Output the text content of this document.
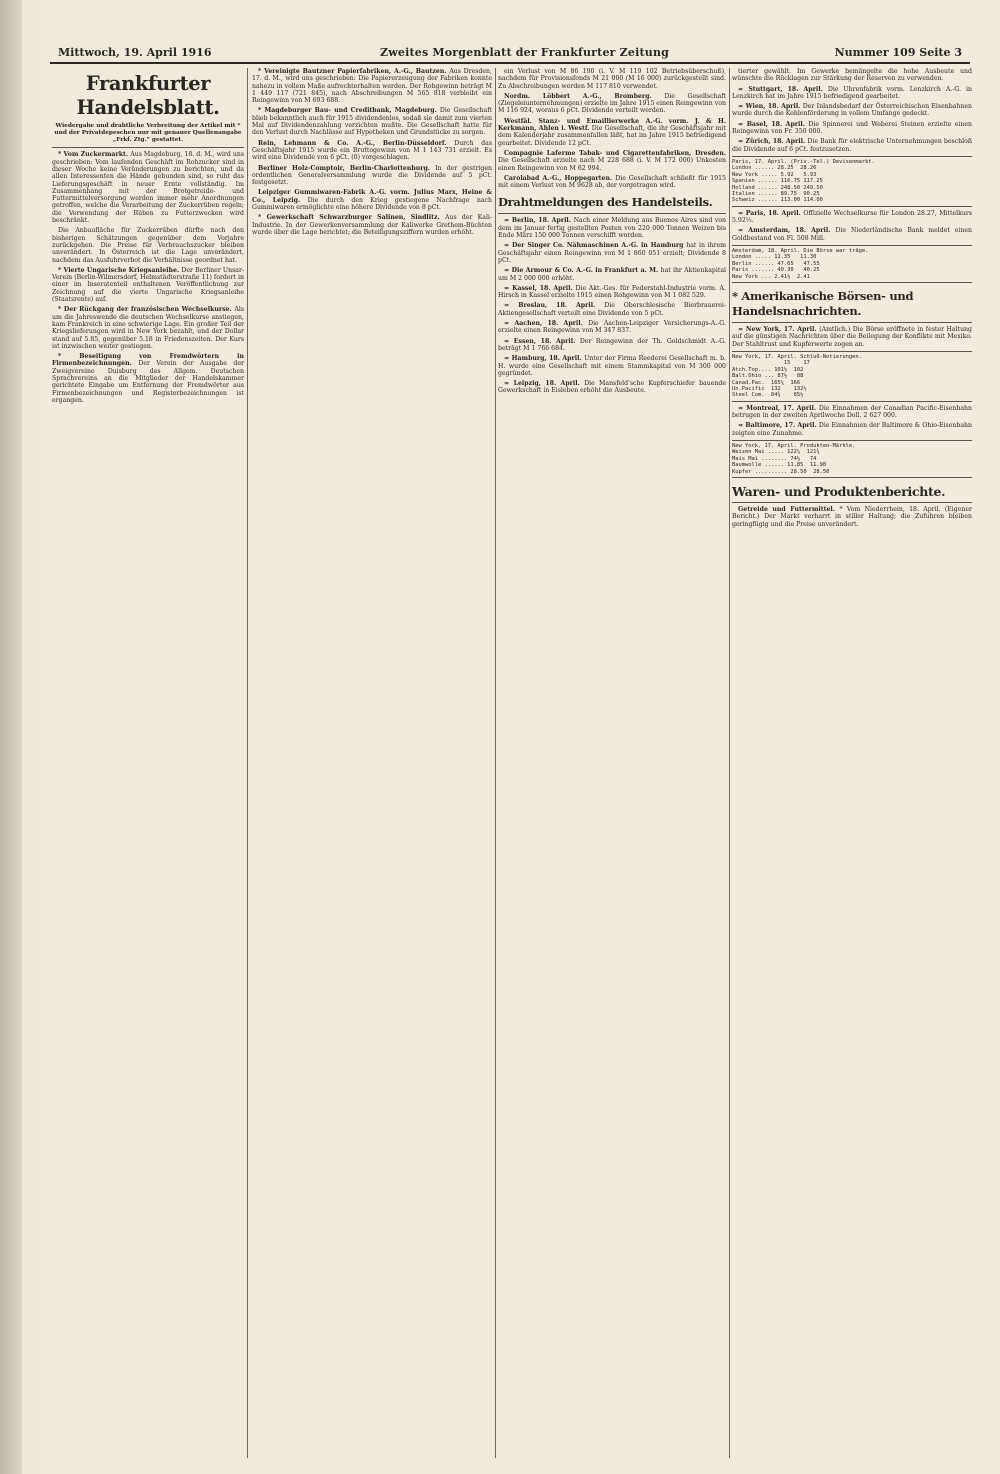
Mittwoch, 19. April 1916	Zweites Morgenblatt der Frankfurter Zeitung	Nummer 109 Seite 3
Frankfurter Handelsblatt.
Wiedergabe und drahtliche Verbreitung der Artikel mit * und der Privatdepeschen nur mit genauer Quellenangabe „Frkf. Ztg.“ gestattet.

* Vom Zuckermarkt. Aus Magdeburg, 18. d. M., wird uns geschrieben: Vom laufenden Geschäft im Rohzucker sind in dieser Woche keine Veränderungen zu berichten, und da allen Interessenten die Hände gebunden sind, so ruht das Lieferungsgeschäft in neuer Ernte vollständig. Im Zusammenhang mit der Brotgetreide- und Futtermittelversorgung werden immer mehr Anordnungen getroffen, welche die Verarbeitung der Zuckerrüben regeln; die Verwendung der Rüben zu Futterzwecken wird beschränkt.

Die Anbaufläche für Zuckerrüben dürfte nach den bisherigen Schätzungen gegenüber dem Vorjahre zurückgehen. Die Preise für Verbrauchszucker bleiben unverändert. In Österreich ist die Lage unverändert, nachdem das Ausfuhrverbot die Verhältnisse geordnet hat.

* Vierte Ungarische Kriegsanleihe. Der Berliner Unsar-Verein (Berlin-Wilmersdorf, Helmstädterstraße 11) fordert in einer im Inseratenteil enthaltenen Veröffentlichung zur Zeichnung auf die vierte Ungarische Kriegsanleihe (Staatsrente) auf.

* Der Rückgang der französischen Wechselkurse. Als um die Jahreswende die deutschen Wechselkurse anstiegen, kam Frankreich in eine schwierige Lage. Ein großer Teil der Kriegslieferungen wird in New York bezahlt, und der Dollar stand auf 5.85, gegenüber 5.18 in Friedenszeiten. Der Kurs ist inzwischen weiter gestiegen.

* Beseitigung von Fremdwörtern in Firmenbezeichnungen. Der Verein der Ausgabe der Zweigvereine Duisburg des Allgem. Deutschen Sprachvereins an die Mitglieder der Handelskammer gerichtete Eingabe um Entfernung der Fremdwörter aus Firmenbezeichnungen und Registerbezeichnungen ist ergangen.

* Vereinigte Bautzner Papierfabriken, A.-G., Bautzen. Aus Dresden, 17. d. M., wird uns geschrieben: Die Papiererzeugung der Fabriken konnte nahezu in vollem Maße aufrechterhalten werden. Der Rohgewinn beträgt M 1 449 117 (721 845), nach Abschreibungen M 565 818 verbleibt ein Reingewinn von M 693 688.

* Magdeburger Bau- und Creditbank, Magdeburg. Die Gesellschaft blieb bekanntlich auch für 1915 dividendenlos, sodaß sie damit zum vierten Mal auf Dividendenzahlung verzichten mußte. Die Gesellschaft hatte für den Verlust durch Nachlässe auf Hypotheken und Grundstücke zu sorgen.

Rein, Lehmann & Co. A.-G., Berlin-Düsseldorf. Durch das Geschäftsjahr 1915 wurde ein Bruttogewinn von M 1 143 731 erzielt. Es wird eine Dividende von 6 pCt. (0) vorgeschlagen.

Berliner Holz-Comptoir, Berlin-Charlottenburg. In der gestrigen ordentlichen Generalversammlung wurde die Dividende auf 5 pCt. festgesetzt.

Leipziger Gummiwaren-Fabrik A.-G. vorm. Julius Marx, Heine & Co., Leipzig. Die durch den Krieg gestiegene Nachfrage nach Gummiwaren ermöglichte eine höhere Dividende von 8 pCt.

* Gewerkschaft Schwarzburger Salinen, Sindlitz. Aus der Kali-Industrie. In der Gewerkenversammlung der Kaliwerke Grethem-Büchten wurde über die Lage berichtet; die Beteiligungsziffern wurden erhöht.

ein Verlust von M 86 190 (i. V. M 119 102 Betriebsüberschuß), nachdem für Provisionsfonds M 21 000 (M 16 000) zurückgestellt sind. Zu Abschreibungen werden M 117 810 verwendet.

Nordm. Löbbert A.-G., Bromberg. Die Gesellschaft (Ziegeleiunternehmungen) erzielte im Jahre 1915 einen Reingewinn von M 116 924, woraus 6 pCt. Dividende verteilt werden.

Westfäl. Stanz- und Emaillierwerke A.-G. vorm. J. & H. Kerkmann, Ahlen i. Westf. Die Gesellschaft, die ihr Geschäftsjahr mit dem Kalenderjahr zusammenfallen läßt, hat im Jahre 1915 befriedigend gearbeitet. Dividende 12 pCt.

Compagnie Laferme Tabak- und Cigarettenfabriken, Dresden. Die Gesellschaft erzielte nach M 228 688 (i. V. M 172 000) Unkosten einen Reingewinn von M 62 994.

Carolabad A.-G., Hoppegarten. Die Gesellschaft schließt für 1915 mit einem Verlust von M 9628 ab, der vorgetragen wird.

Drahtmeldungen des Handelsteils.

= Berlin, 18. April. Nach einer Meldung aus Buenos Aires sind von dem im Januar fertig gestellten Posten von 220 000 Tonnen Weizen bis Ende März 150 000 Tonnen verschifft worden.

= Der Singer Co. Nähmaschinen A.-G. in Hamburg hat in ihrem Geschäftsjahr einen Reingewinn von M 1 860 051 erzielt; Dividende 8 pCt.

= Die Armour & Co. A.-G. in Frankfurt a. M. hat ihr Aktienkapital um M 2 000 000 erhöht.

= Kassel, 18. April. Die Akt.-Ges. für Federstahl-Industrie vorm. A. Hirsch in Kassel erzielte 1915 einen Rohgewinn von M 1 082 529.

= Breslau, 18. April. Die Oberschlesische Bierbrauerei-Aktiengesellschaft verteilt eine Dividende von 5 pCt.

= Aachen, 18. April. Die Aachen-Leipziger Versicherungs-A.-G. erzielte einen Reingewinn von M 347 837.

= Essen, 18. April. Der Reingewinn der Th. Goldschmidt A.-G. beträgt M 1 766 684.

= Hamburg, 18. April. Unter der Firma Reederei Gesellschaft m. b. H. wurde eine Gesellschaft mit einem Stammkapital von M 300 000 gegründet.

= Leipzig, 18. April. Die Mansfeld'sche Kupferschiefer bauende Gewerkschaft in Eisleben erhöht die Ausbeute.

tierter gewählt. Im Gewerke bemängelte die hohe Ausbeute und wünschte die Rücklagen zur Stärkung der Reserven zu verwenden.

= Stuttgart, 18. April. Die Uhrenfabrik vorm. Lenzkirch A.-G. in Lenzkirch hat im Jahre 1915 befriedigend gearbeitet.

= Wien, 18. April. Der Inlandsbedarf der Österreichischen Eisenbahnen wurde durch die Kohlenförderung in vollem Umfange gedeckt.

= Basel, 18. April. Die Spinnerei und Weberei Steinen erzielte einen Reingewinn von Fr. 350 000.

= Zürich, 18. April. Die Bank für elektrische Unternehmungen beschloß die Dividende auf 6 pCt. festzusetzen.

Paris, 17. April. (Priv.-Tel.) Devisenmarkt.
London ...... 28.25  28.26
New York ..... 5.92   5.93
Spanien ...... 116.75 117.25
Holland ...... 248.50 249.50
Italien ...... 89.75  90.25
Schweiz ...... 113.00 114.00

= Paris, 18. April. Offizielle Wechselkurse für London 28.27, Mittelkurs 5.92½.

= Amsterdam, 18. April. Die Niederländische Bank meldet einen Goldbestand von Fl. 508 Mill.

Amsterdam, 18. April. Die Börse war träge.
London ..... 11.35   11.30
Berlin ...... 47.65   47.55
Paris ....... 40.30   40.25
New York ... 2.41½  2.41
* Amerikanische Börsen- und Handelsnachrichten.

= New York, 17. April. (Amtlich.) Die Börse eröffnete in fester Haltung auf die günstigen Nachrichten über die Beilegung der Konflikte mit Mexiko. Der Stahltrust und Kupferwerte zogen an.

New York, 17. April. Schluß-Notierungen.
15    17
Atch.Top.... 101½  102
Balt.Ohio ... 87½   88
Canad.Pac.  165¼  166
Un.Pacific  132    132½
Steel Com.  84¾    85½

= Montreal, 17. April. Die Einnahmen der Canadian Pacific-Eisenbahn betrugen in der zweiten Aprilwoche Doll. 2 627 000.

= Baltimore, 17. April. Die Einnahmen der Baltimore & Ohio-Eisenbahn zeigten eine Zunahme.

New York, 17. April. Produkten-Märkte.
Weizen Mai ..... 122¼  121¾
Mais Mai ........ 74½   74
Baumwolle ...... 11.85  11.90
Kupfer .......... 28.50  28.50
Waren- und Produktenberichte.

Getreide und Futtermittel. * Vom Niederrhein, 18. April. (Eigener Bericht.) Der Markt verharrt in stiller Haltung; die Zufuhren bleiben geringfügig und die Preise unverändert.
